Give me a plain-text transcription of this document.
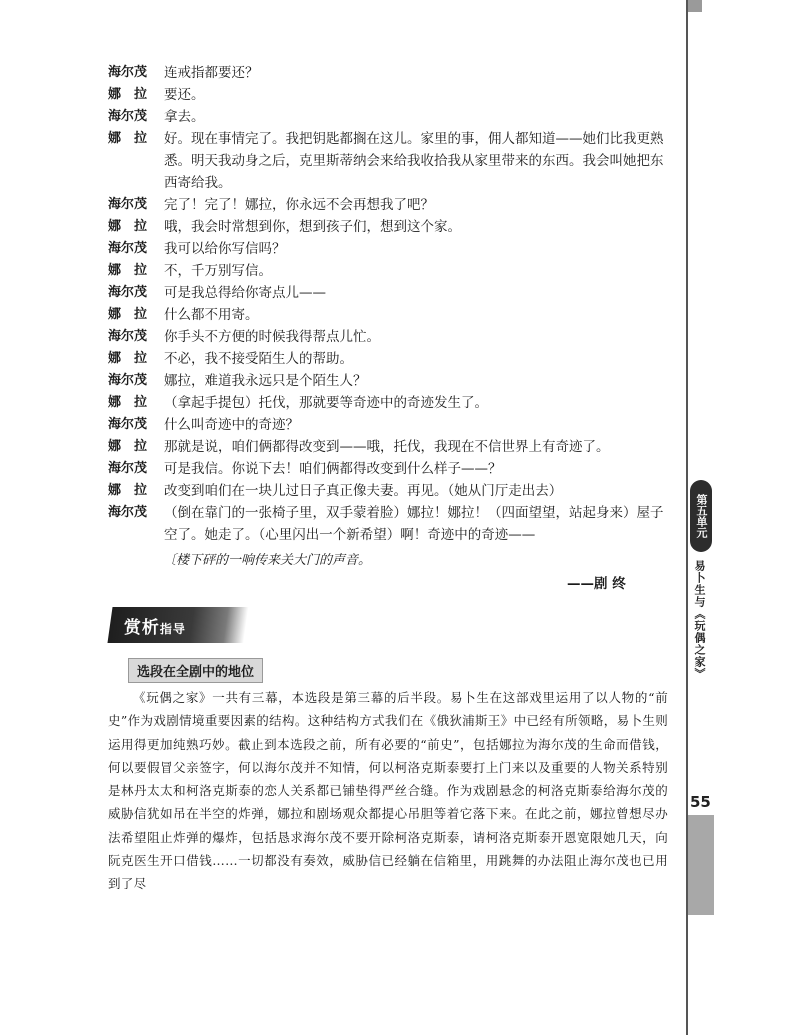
第五单元
易卜生与《玩偶之家》
55
海尔茂	连戒指都要还？
娜　拉	要还。
海尔茂	拿去。
娜　拉	好。现在事情完了。我把钥匙都搁在这儿。家里的事，佣人都知道——她们比我更熟悉。明天我动身之后，克里斯蒂纳会来给我收拾我从家里带来的东西。我会叫她把东西寄给我。
海尔茂	完了！完了！娜拉，你永远不会再想我了吧？
娜　拉	哦，我会时常想到你，想到孩子们，想到这个家。
海尔茂	我可以给你写信吗？
娜　拉	不，千万别写信。
海尔茂	可是我总得给你寄点儿——
娜　拉	什么都不用寄。
海尔茂	你手头不方便的时候我得帮点儿忙。
娜　拉	不必，我不接受陌生人的帮助。
海尔茂	娜拉，难道我永远只是个陌生人？
娜　拉	（拿起手提包）托伐，那就要等奇迹中的奇迹发生了。
海尔茂	什么叫奇迹中的奇迹？
娜　拉	那就是说，咱们俩都得改变到——哦，托伐，我现在不信世界上有奇迹了。
海尔茂	可是我信。你说下去！咱们俩都得改变到什么样子——？
娜　拉	改变到咱们在一块儿过日子真正像夫妻。再见。（她从门厅走出去）
海尔茂	（倒在靠门的一张椅子里，双手蒙着脸）娜拉！娜拉！（四面望望，站起身来）屋子空了。她走了。（心里闪出一个新希望）啊！奇迹中的奇迹——
〔楼下砰的一响传来关大门的声音。
——剧 终
赏析指导
选段在全剧中的地位
《玩偶之家》一共有三幕，本选段是第三幕的后半段。易卜生在这部戏里运用了以人物的“前史”作为戏剧情境重要因素的结构。这种结构方式我们在《俄狄浦斯王》中已经有所领略，易卜生则运用得更加纯熟巧妙。截止到本选段之前，所有必要的“前史”，包括娜拉为海尔茂的生命而借钱，何以要假冒父亲签字，何以海尔茂并不知情，何以柯洛克斯泰要打上门来以及重要的人物关系特别是林丹太太和柯洛克斯泰的恋人关系都已铺垫得严丝合缝。作为戏剧悬念的柯洛克斯泰给海尔茂的威胁信犹如吊在半空的炸弹，娜拉和剧场观众都提心吊胆等着它落下来。在此之前，娜拉曾想尽办法希望阻止炸弹的爆炸，包括恳求海尔茂不要开除柯洛克斯泰，请柯洛克斯泰开恩宽限她几天，向阮克医生开口借钱……一切都没有奏效，威胁信已经躺在信箱里，用跳舞的办法阻止海尔茂也已用到了尽
